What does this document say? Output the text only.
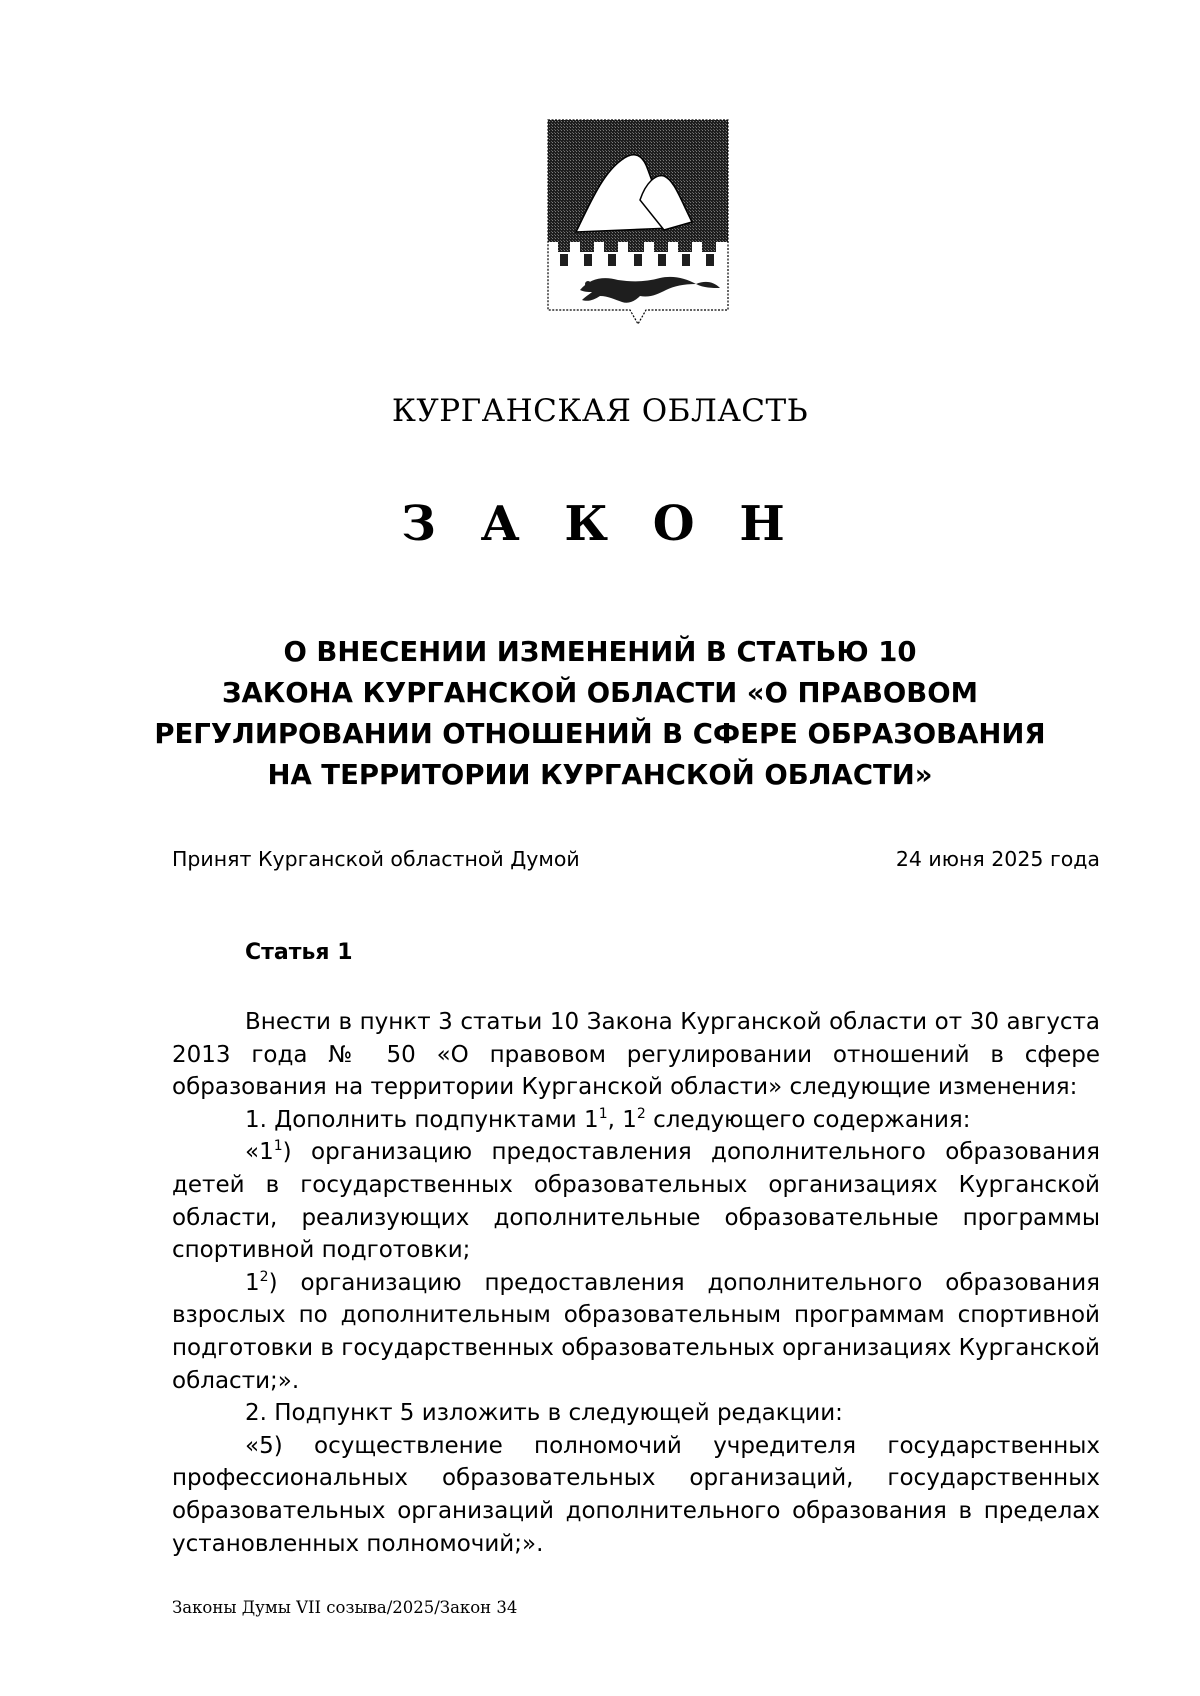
КУРГАНСКАЯ ОБЛАСТЬ
З А К О Н
О ВНЕСЕНИИ ИЗМЕНЕНИЙ В СТАТЬЮ 10
ЗАКОНА КУРГАНСКОЙ ОБЛАСТИ «О ПРАВОВОМ
РЕГУЛИРОВАНИИ ОТНОШЕНИЙ В СФЕРЕ ОБРАЗОВАНИЯ
НА ТЕРРИТОРИИ КУРГАНСКОЙ ОБЛАСТИ»
Принят Курганской областной Думой	24 июня 2025 года
Статья 1

Внести в пункт 3 статьи 10 Закона Курганской области от 30 августа 2013 года № 50 «О правовом регулировании отношений в сфере образования на территории Курганской области» следующие изменения:

1. Дополнить подпунктами $1^1$, $1^2$ следующего содержания:

«$1^1$) организацию предоставления дополнительного образования детей в государственных образовательных организациях Курганской области, реализующих дополнительные образовательные программы спортивной подготовки;

$1^2$) организацию предоставления дополнительного образования взрослых по дополнительным образовательным программам спортивной подготовки в государственных образовательных организациях Курганской области;».

2. Подпункт 5 изложить в следующей редакции:

«5) осуществление полномочий учредителя государственных профессиональных образовательных организаций, государственных образовательных организаций дополнительного образования в пределах установленных полномочий;».

Законы Думы VII созыва/2025/Закон 34
